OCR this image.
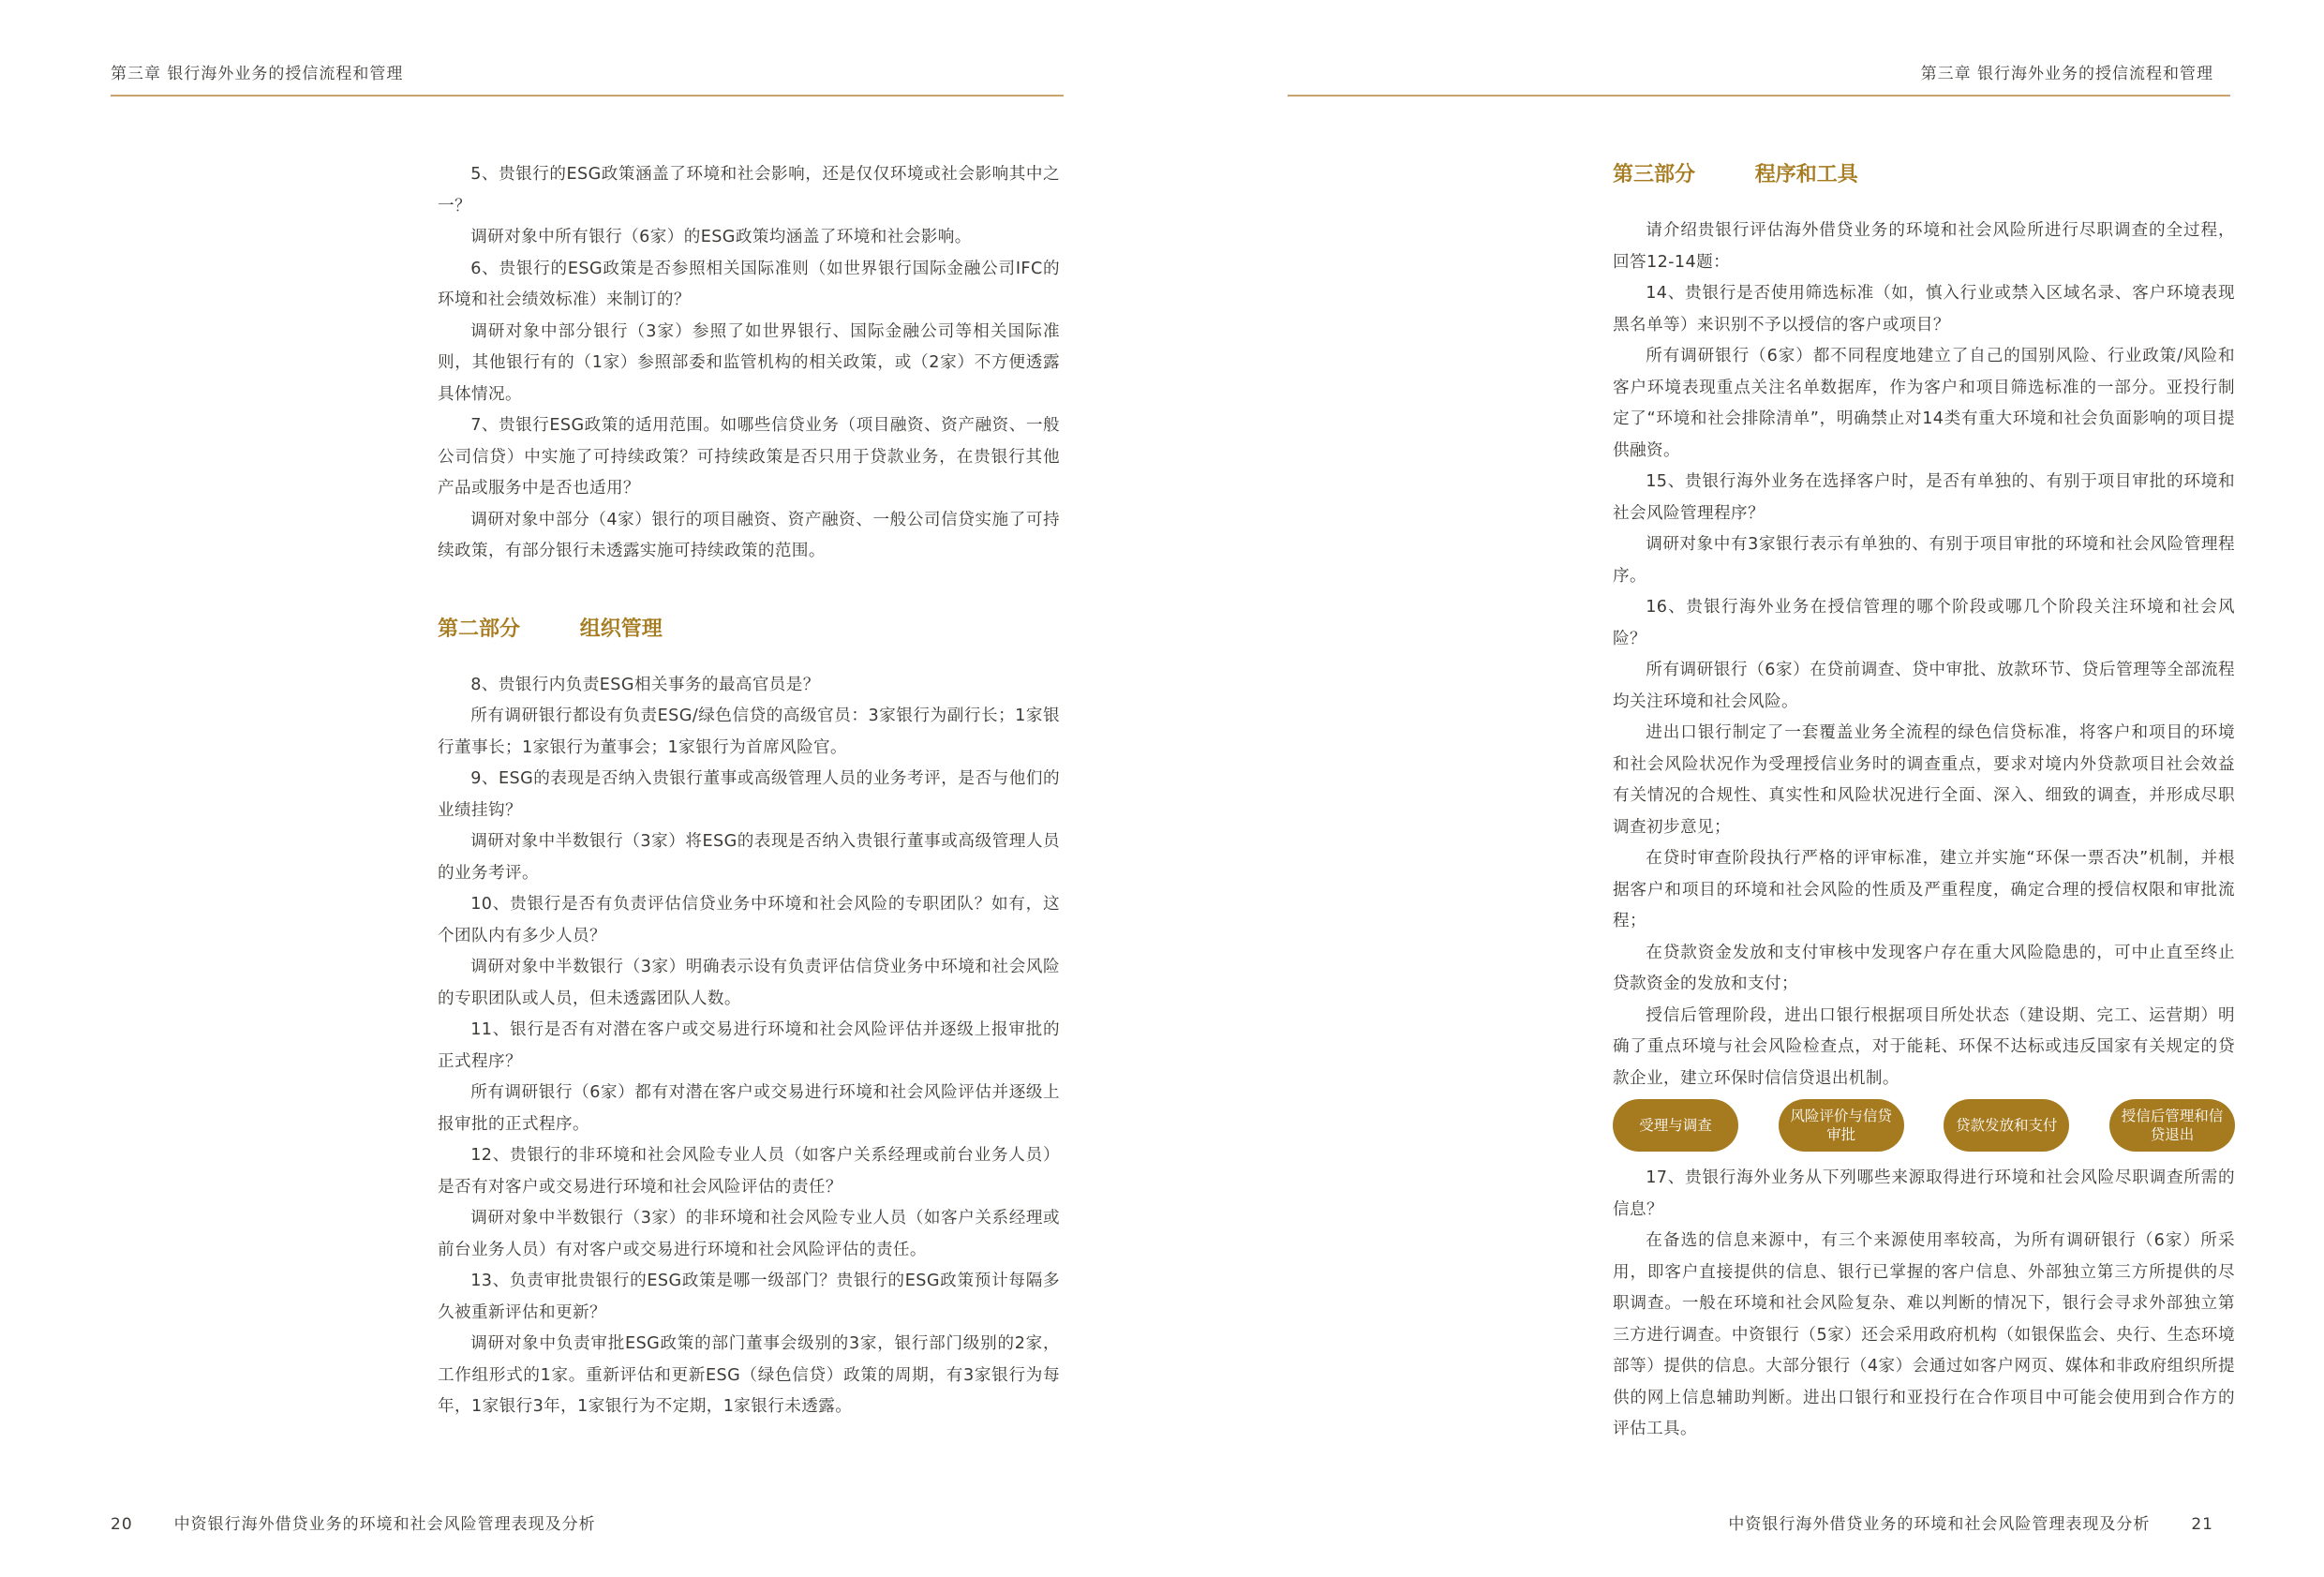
第三章 银行海外业务的授信流程和管理

5、贵银行的ESG政策涵盖了环境和社会影响，还是仅仅环境或社会影响其中之一？

调研对象中所有银行（6家）的ESG政策均涵盖了环境和社会影响。

6、贵银行的ESG政策是否参照相关国际准则（如世界银行国际金融公司IFC的环境和社会绩效标准）来制订的？

调研对象中部分银行（3家）参照了如世界银行、国际金融公司等相关国际准则，其他银行有的（1家）参照部委和监管机构的相关政策，或（2家）不方便透露具体情况。

7、贵银行ESG政策的适用范围。如哪些信贷业务（项目融资、资产融资、一般公司信贷）中实施了可持续政策？可持续政策是否只用于贷款业务，在贵银行其他产品或服务中是否也适用？

调研对象中部分（4家）银行的项目融资、资产融资、一般公司信贷实施了可持续政策，有部分银行未透露实施可持续政策的范围。

第二部分	组织管理

8、贵银行内负责ESG相关事务的最高官员是？

所有调研银行都设有负责ESG/绿色信贷的高级官员：3家银行为副行长；1家银行董事长；1家银行为董事会；1家银行为首席风险官。

9、ESG的表现是否纳入贵银行董事或高级管理人员的业务考评，是否与他们的业绩挂钩？

调研对象中半数银行（3家）将ESG的表现是否纳入贵银行董事或高级管理人员的业务考评。

10、贵银行是否有负责评估信贷业务中环境和社会风险的专职团队？如有，这个团队内有多少人员？

调研对象中半数银行（3家）明确表示设有负责评估信贷业务中环境和社会风险的专职团队或人员，但未透露团队人数。

11、银行是否有对潜在客户或交易进行环境和社会风险评估并逐级上报审批的正式程序？

所有调研银行（6家）都有对潜在客户或交易进行环境和社会风险评估并逐级上报审批的正式程序。

12、贵银行的非环境和社会风险专业人员（如客户关系经理或前台业务人员）是否有对客户或交易进行环境和社会风险评估的责任？

调研对象中半数银行（3家）的非环境和社会风险专业人员（如客户关系经理或前台业务人员）有对客户或交易进行环境和社会风险评估的责任。

13、负责审批贵银行的ESG政策是哪一级部门？贵银行的ESG政策预计每隔多久被重新评估和更新？

调研对象中负责审批ESG政策的部门董事会级别的3家，银行部门级别的2家，工作组形式的1家。重新评估和更新ESG（绿色信贷）政策的周期，有3家银行为每年，1家银行3年，1家银行为不定期，1家银行未透露。

20	中资银行海外借贷业务的环境和社会风险管理表现及分析
第三章 银行海外业务的授信流程和管理
第三部分	程序和工具

请介绍贵银行评估海外借贷业务的环境和社会风险所进行尽职调查的全过程，回答12-14题：

14、贵银行是否使用筛选标准（如，慎入行业或禁入区域名录、客户环境表现黑名单等）来识别不予以授信的客户或项目？

所有调研银行（6家）都不同程度地建立了自己的国别风险、行业政策/风险和客户环境表现重点关注名单数据库，作为客户和项目筛选标准的一部分。亚投行制定了“环境和社会排除清单”，明确禁止对14类有重大环境和社会负面影响的项目提供融资。

15、贵银行海外业务在选择客户时，是否有单独的、有别于项目审批的环境和社会风险管理程序？

调研对象中有3家银行表示有单独的、有别于项目审批的环境和社会风险管理程序。

16、贵银行海外业务在授信管理的哪个阶段或哪几个阶段关注环境和社会风险？

所有调研银行（6家）在贷前调查、贷中审批、放款环节、贷后管理等全部流程均关注环境和社会风险。

进出口银行制定了一套覆盖业务全流程的绿色信贷标准，将客户和项目的环境和社会风险状况作为受理授信业务时的调查重点，要求对境内外贷款项目社会效益有关情况的合规性、真实性和风险状况进行全面、深入、细致的调查，并形成尽职调查初步意见；

在贷时审查阶段执行严格的评审标准，建立并实施“环保一票否决”机制，并根据客户和项目的环境和社会风险的性质及严重程度，确定合理的授信权限和审批流程；

在贷款资金发放和支付审核中发现客户存在重大风险隐患的，可中止直至终止贷款资金的发放和支付；

授信后管理阶段，进出口银行根据项目所处状态（建设期、完工、运营期）明确了重点环境与社会风险检查点，对于能耗、环保不达标或违反国家有关规定的贷款企业，建立环保时信信贷退出机制。

受理与调查
风险评价与信贷审批
贷款发放和支付
授信后管理和信贷退出

17、贵银行海外业务从下列哪些来源取得进行环境和社会风险尽职调查所需的信息？

在备选的信息来源中，有三个来源使用率较高，为所有调研银行（6家）所采用，即客户直接提供的信息、银行已掌握的客户信息、外部独立第三方所提供的尽职调查。一般在环境和社会风险复杂、难以判断的情况下，银行会寻求外部独立第三方进行调查。中资银行（5家）还会采用政府机构（如银保监会、央行、生态环境部等）提供的信息。大部分银行（4家）会通过如客户网页、媒体和非政府组织所提供的网上信息辅助判断。进出口银行和亚投行在合作项目中可能会使用到合作方的评估工具。

中资银行海外借贷业务的环境和社会风险管理表现及分析	21
